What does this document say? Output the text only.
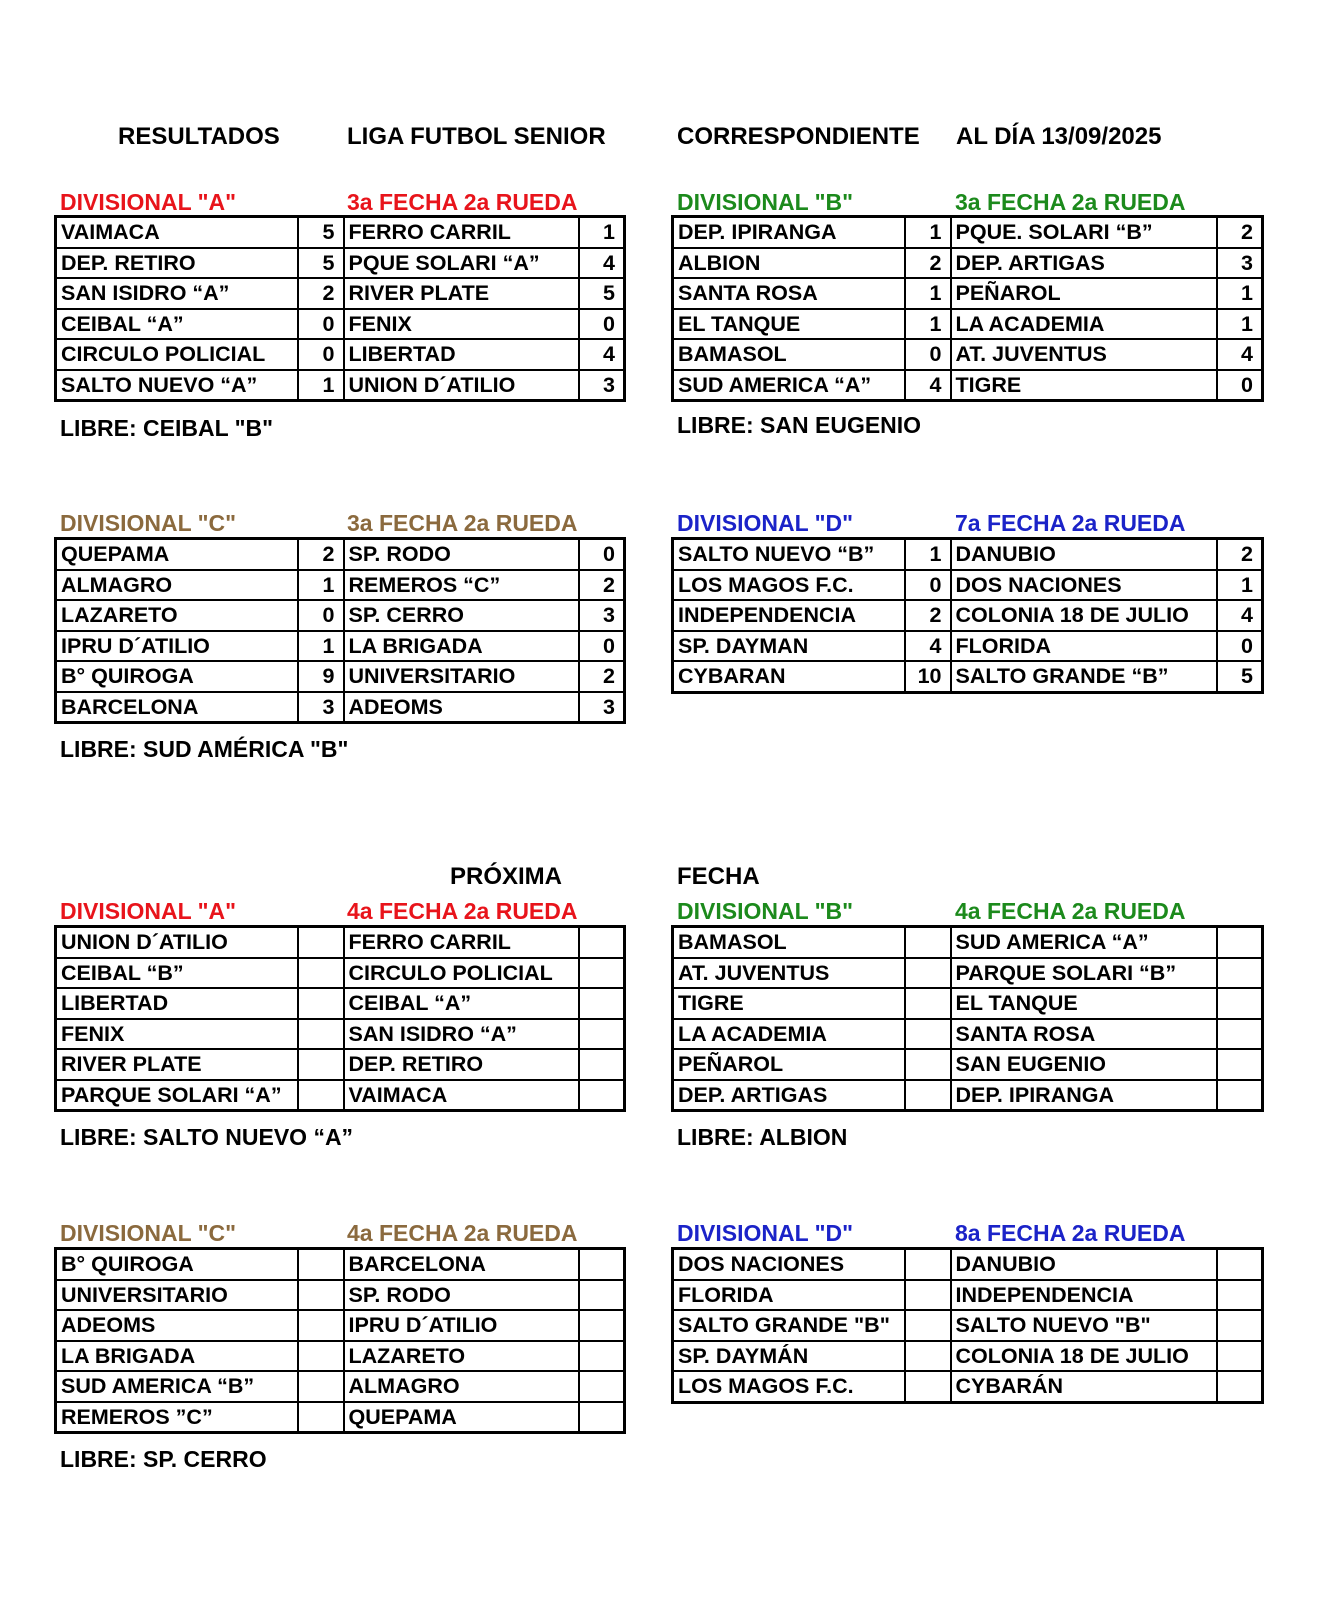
RESULTADOS	LIGA FUTBOL SENIOR	CORRESPONDIENTE AL DÍA 13/09/2025
DIVISIONAL "A"	3a FECHA 2a RUEDA
VAIMACA	5	FERRO CARRIL	1
DEP. RETIRO	5	PQUE SOLARI “A”	4
SAN ISIDRO “A”	2	RIVER PLATE	5
CEIBAL “A”	0	FENIX	0
CIRCULO POLICIAL	0	LIBERTAD	4
SALTO NUEVO “A”	1	UNION D´ATILIO	3
LIBRE: CEIBAL "B"
DIVISIONAL "B"	3a FECHA 2a RUEDA
DEP. IPIRANGA	1	PQUE. SOLARI “B”	2
ALBION	2	DEP. ARTIGAS	3
SANTA ROSA	1	PEÑAROL	1
EL TANQUE	1	LA ACADEMIA	1
BAMASOL	0	AT. JUVENTUS	4
SUD AMERICA “A”	4	TIGRE	0
LIBRE: SAN EUGENIO
DIVISIONAL "C"	3a FECHA 2a RUEDA
QUEPAMA	2	SP. RODO	0
ALMAGRO	1	REMEROS “C”	2
LAZARETO	0	SP. CERRO	3
IPRU D´ATILIO	1	LA BRIGADA	0
B° QUIROGA	9	UNIVERSITARIO	2
BARCELONA	3	ADEOMS	3
LIBRE: SUD AMÉRICA "B"
DIVISIONAL "D"	7a FECHA 2a RUEDA
SALTO NUEVO “B”	1	DANUBIO	2
LOS MAGOS F.C.	0	DOS NACIONES	1
INDEPENDENCIA	2	COLONIA 18 DE JULIO	4
SP. DAYMAN	4	FLORIDA	0
CYBARAN	10	SALTO GRANDE “B”	5
PRÓXIMA	FECHA
DIVISIONAL "A"	4a FECHA 2a RUEDA
UNION D´ATILIO		FERRO CARRIL	
CEIBAL “B”		CIRCULO POLICIAL	
LIBERTAD		CEIBAL “A”	
FENIX		SAN ISIDRO “A”	
RIVER PLATE		DEP. RETIRO	
PARQUE SOLARI “A”		VAIMACA	
LIBRE: SALTO NUEVO “A”
DIVISIONAL "B"	4a FECHA 2a RUEDA
BAMASOL		SUD AMERICA “A”	
AT. JUVENTUS		PARQUE SOLARI “B”	
TIGRE		EL TANQUE	
LA ACADEMIA		SANTA ROSA	
PEÑAROL		SAN EUGENIO	
DEP. ARTIGAS		DEP. IPIRANGA	
LIBRE: ALBION
DIVISIONAL "C"	4a FECHA 2a RUEDA
B° QUIROGA		BARCELONA	
UNIVERSITARIO		SP. RODO	
ADEOMS		IPRU D´ATILIO	
LA BRIGADA		LAZARETO	
SUD AMERICA “B”		ALMAGRO	
REMEROS ”C”		QUEPAMA	
LIBRE: SP. CERRO
DIVISIONAL "D"	8a FECHA 2a RUEDA
DOS NACIONES		DANUBIO	
FLORIDA		INDEPENDENCIA	
SALTO GRANDE "B"		SALTO NUEVO "B"	
SP. DAYMÁN		COLONIA 18 DE JULIO	
LOS MAGOS F.C.		CYBARÁN	
